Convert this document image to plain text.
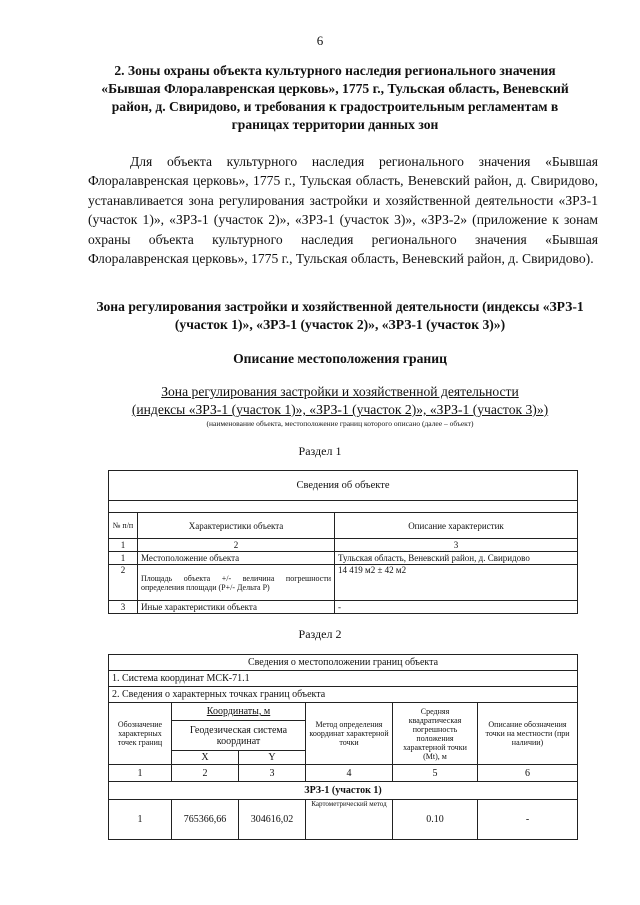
6
2. Зоны охраны объекта культурного наследия регионального значения «Бывшая Флоралаврeнская церковь», 1775 г., Тульская область, Веневский район, д. Свиридово, и требования к градостроительным регламентам в границах территории данных зон
Для объекта культурного наследия регионального значения «Бывшая Флоралаврeнская церковь», 1775 г., Тульская область, Веневский район, д. Свиридово, устанавливается зона регулирования застройки и хозяйственной деятельности «ЗРЗ-1 (участок 1)», «ЗРЗ-1 (участок 2)», «ЗРЗ-1 (участок 3)», «ЗРЗ-2» (приложение к зонам охраны объекта культурного наследия регионального значения «Бывшая Флоралаврeнская церковь», 1775 г., Тульская область, Веневский район, д. Свиридово).
Зона регулирования застройки и хозяйственной деятельности (индексы «ЗРЗ-1 (участок 1)», «ЗРЗ-1 (участок 2)», «ЗРЗ-1 (участок 3)»)
Описание местоположения границ
Зона регулирования застройки и хозяйственной деятельности
(индексы «ЗРЗ-1 (участок 1)», «ЗРЗ-1 (участок 2)», «ЗРЗ-1 (участок 3)»)
(наименование объекта, местоположение границ которого описано (далее – объект)
Раздел 1
Сведения об объекте		

№ п/п	Характеристики объекта	Описание характеристик
1	2	3
1	Местоположение объекта	Тульская область, Веневский район, д. Свиридово
2	Площадь объекта +/- величина погрешности определения площади (Р+/- Дельта Р)	14 419 м2 ± 42 м2
3	Иные характеристики объекта	-
Раздел 2
Сведения о местоположении границ объекта					
1. Система координат МСК-71.1					
2. Сведения о характерных точках границ объекта					
Обозначение характерных точек границ	Координаты, м		Метод определения координат характерной точки	Средняя квадратическая погрешность положения характерной точки (Mt), м	Описание обозначения точки на местности (при наличии)
	Геодезическая система координат				
	X	Y			
1	2	3	4	5	6
ЗРЗ-1 (участок 1)					
1	765366,66	304616,02	Картометрический метод	0.10	-
